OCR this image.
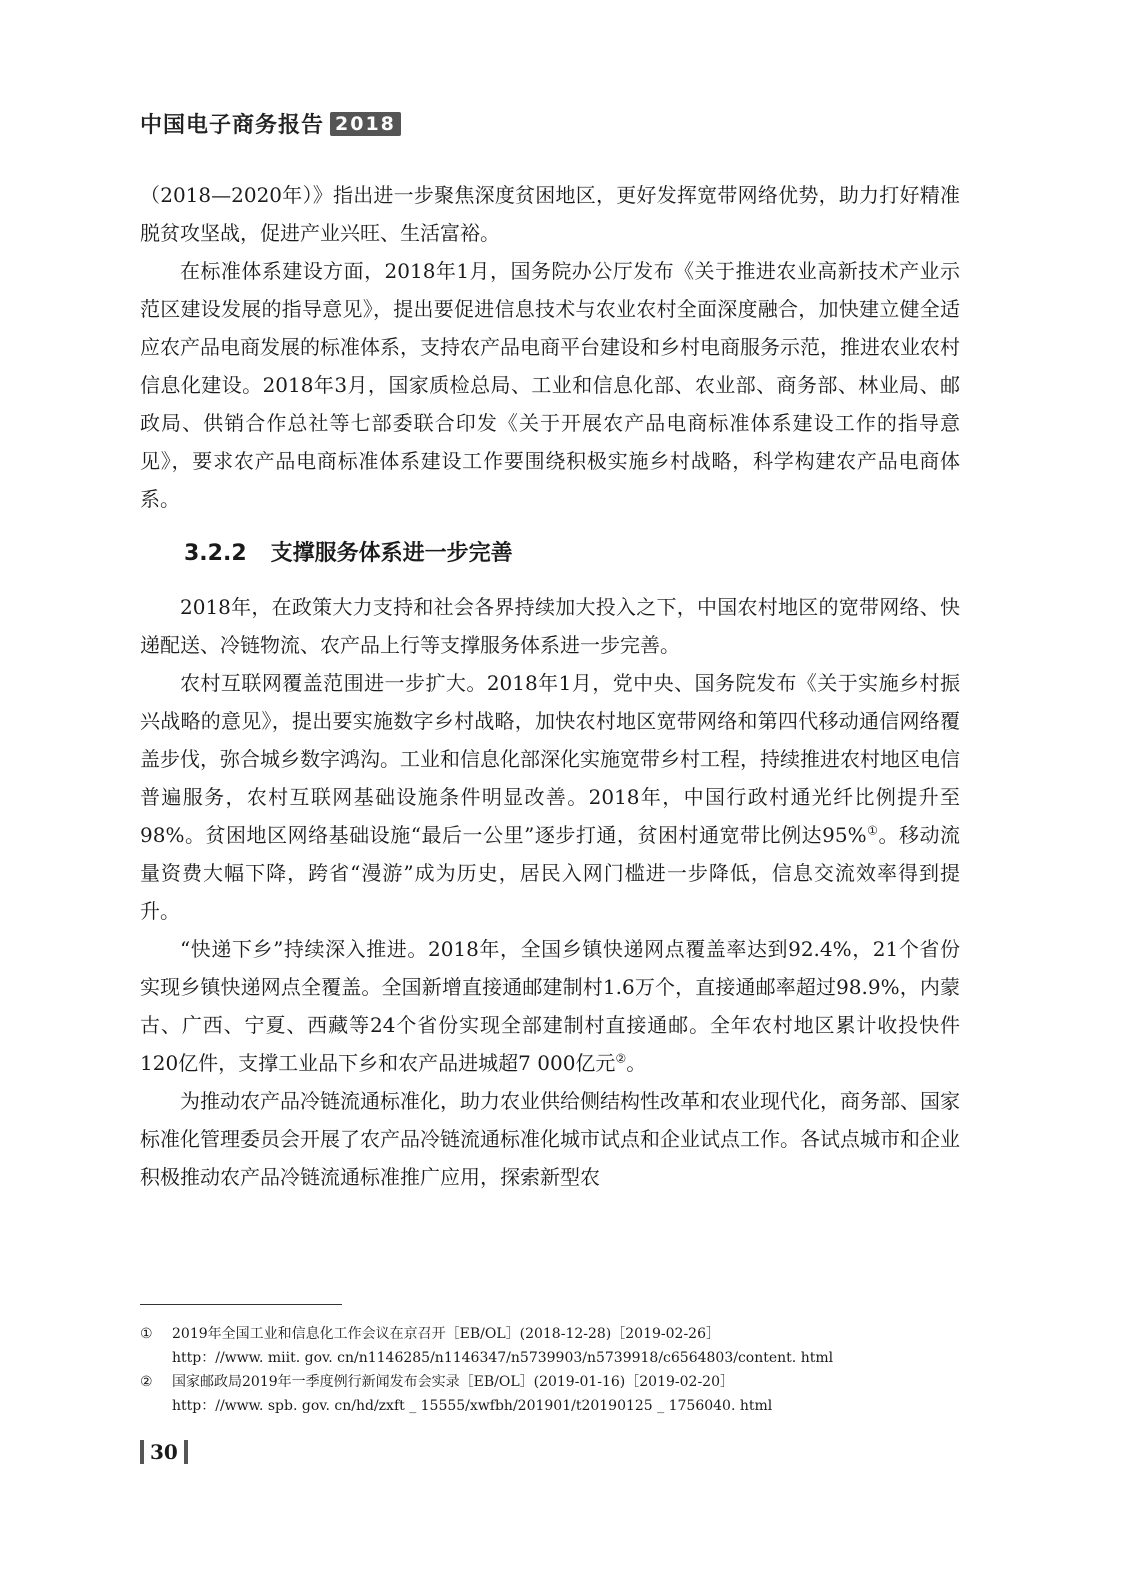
中国电子商务报告 2018

（2018—2020年）》指出进一步聚焦深度贫困地区，更好发挥宽带网络优势，助力打好精准脱贫攻坚战，促进产业兴旺、生活富裕。

在标准体系建设方面，2018年1月，国务院办公厅发布《关于推进农业高新技术产业示范区建设发展的指导意见》，提出要促进信息技术与农业农村全面深度融合，加快建立健全适应农产品电商发展的标准体系，支持农产品电商平台建设和乡村电商服务示范，推进农业农村信息化建设。2018年3月，国家质检总局、工业和信息化部、农业部、商务部、林业局、邮政局、供销合作总社等七部委联合印发《关于开展农产品电商标准体系建设工作的指导意见》，要求农产品电商标准体系建设工作要围绕积极实施乡村战略，科学构建农产品电商体系。

3.2.2 支撑服务体系进一步完善

2018年，在政策大力支持和社会各界持续加大投入之下，中国农村地区的宽带网络、快递配送、冷链物流、农产品上行等支撑服务体系进一步完善。

农村互联网覆盖范围进一步扩大。2018年1月，党中央、国务院发布《关于实施乡村振兴战略的意见》，提出要实施数字乡村战略，加快农村地区宽带网络和第四代移动通信网络覆盖步伐，弥合城乡数字鸿沟。工业和信息化部深化实施宽带乡村工程，持续推进农村地区电信普遍服务，农村互联网基础设施条件明显改善。2018年，中国行政村通光纤比例提升至98%。贫困地区网络基础设施“最后一公里”逐步打通，贫困村通宽带比例达95%①。移动流量资费大幅下降，跨省“漫游”成为历史，居民入网门槛进一步降低，信息交流效率得到提升。

“快递下乡”持续深入推进。2018年，全国乡镇快递网点覆盖率达到92.4%，21个省份实现乡镇快递网点全覆盖。全国新增直接通邮建制村1.6万个，直接通邮率超过98.9%，内蒙古、广西、宁夏、西藏等24个省份实现全部建制村直接通邮。全年农村地区累计收投快件120亿件，支撑工业品下乡和农产品进城超7 000亿元②。

为推动农产品冷链流通标准化，助力农业供给侧结构性改革和农业现代化，商务部、国家标准化管理委员会开展了农产品冷链流通标准化城市试点和企业试点工作。各试点城市和企业积极推动农产品冷链流通标准推广应用，探索新型农

①	2019年全国工业和信息化工作会议在京召开［EB/OL］(2018-12-28)［2019-02-26］
http：//www. miit. gov. cn/n1146285/n1146347/n5739903/n5739918/c6564803/content. html
②	国家邮政局2019年一季度例行新闻发布会实录［EB/OL］(2019-01-16)［2019-02-20］
http：//www. spb. gov. cn/hd/zxft _ 15555/xwfbh/201901/t20190125 _ 1756040. html
30
